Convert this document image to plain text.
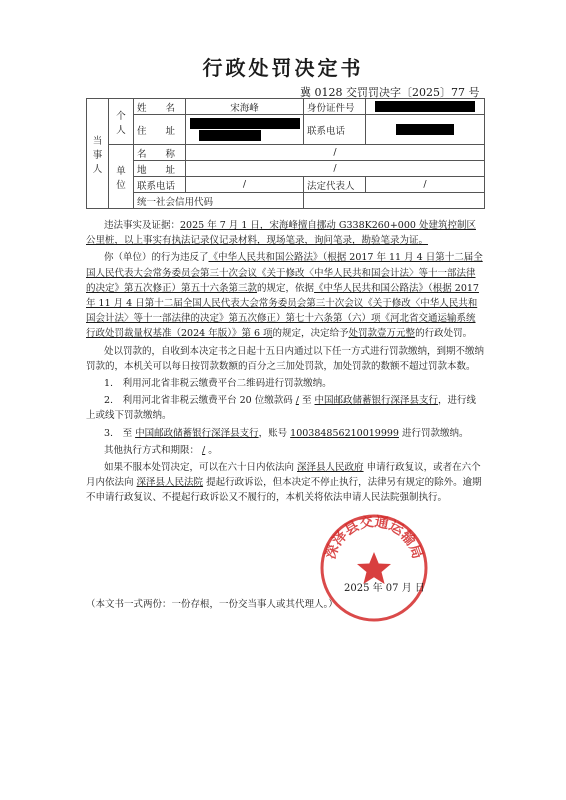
行政处罚决定书
冀 0128 交罚罚决字〔2025〕77 号
当事人	个人	姓　　名	宋海峰	身份证件号	
		住　　址		联系电话	

	单位	名　　称	/		
		地　　址	/		
		联系电话	/	法定代表人	/
		统一社会信用代码			

违法事实及证据：2025 年 7 月 1 日，宋海峰擅自挪动 G338K260+000 处建筑控制区公里桩，以上事实有执法记录仪记录材料，现场笔录，询问笔录，勘验笔录为证。

你（单位）的行为违反了《中华人民共和国公路法》（根据 2017 年 11 月 4 日第十二届全国人民代表大会常务委员会第三十次会议《关于修改〈中华人民共和国会计法〉等十一部法律的决定》第五次修正）第五十六条第三款的规定，依据《中华人民共和国公路法》（根据 2017 年 11 月 4 日第十二届全国人民代表大会常务委员会第三十次会议《关于修改〈中华人民共和国会计法〉等十一部法律的决定》第五次修正）第七十六条第（六）项《河北省交通运输系统行政处罚裁量权基准（2024 年版）》第 6 项的规定，决定给予处罚款壹万元整的行政处罚。

处以罚款的，自收到本决定书之日起十五日内通过以下任一方式进行罚款缴纳，到期不缴纳罚款的，本机关可以每日按罚款数额的百分之三加处罚款，加处罚款的数额不超过罚款本数。

1.　利用河北省非税云缴费平台二维码进行罚款缴纳。

2.　利用河北省非税云缴费平台 20 位缴款码 / 至 中国邮政储蓄银行深泽县支行，进行线上或线下罚款缴纳。

3.　至 中国邮政储蓄银行深泽县支行，账号 100384856210019999 进行罚款缴纳。

其他执行方式和期限： / 。

如果不服本处罚决定，可以在六十日内依法向 深泽县人民政府 申请行政复议，或者在六个月内依法向 深泽县人民法院 提起行政诉讼，但本决定不停止执行，法律另有规定的除外。逾期不申请行政复议、不提起行政诉讼又不履行的，本机关将依法申请人民法院强制执行。

深泽县交通运输局
2025 年 07 月 日
（本文书一式两份：一份存根，一份交当事人或其代理人。）
